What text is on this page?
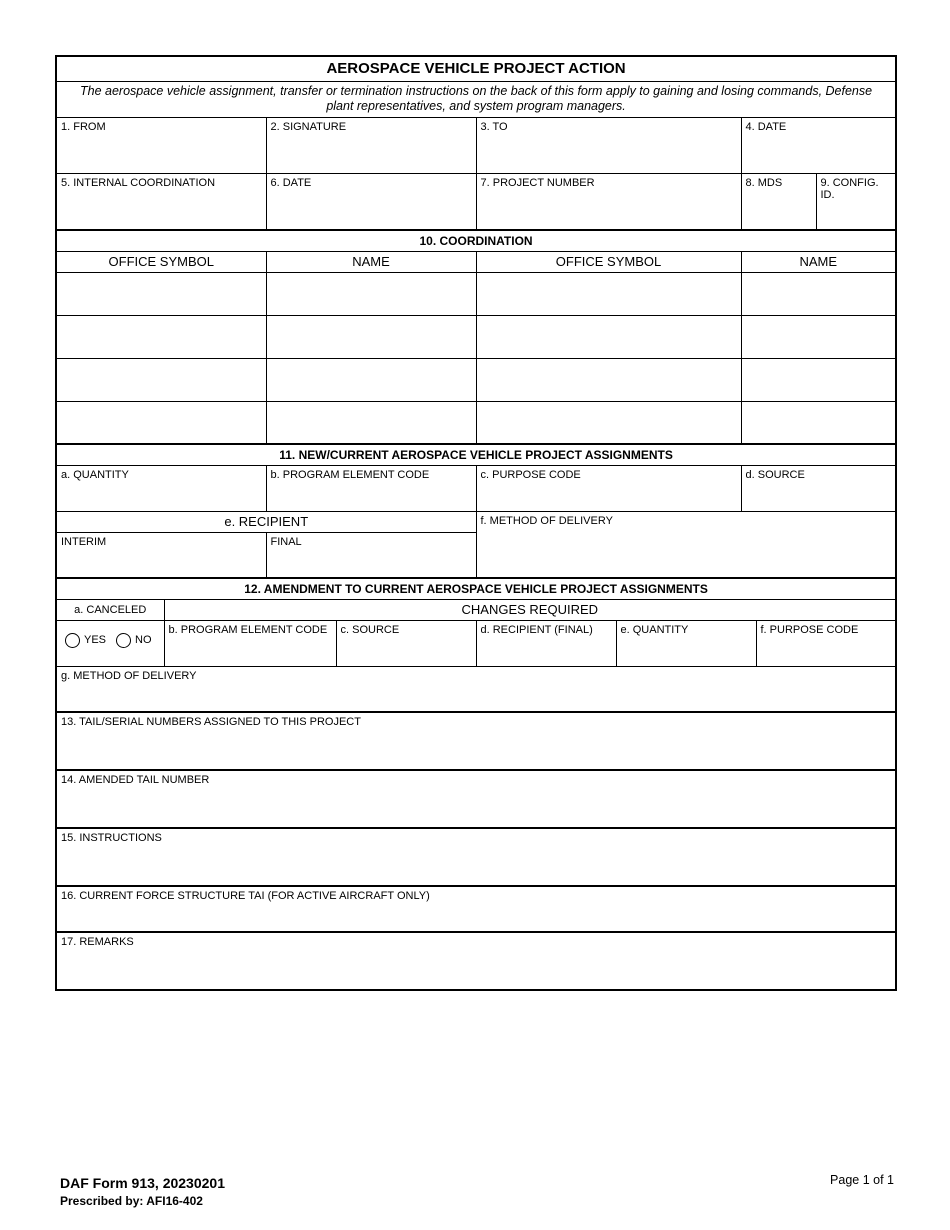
AEROSPACE VEHICLE PROJECT ACTION								
The aerospace vehicle assignment, transfer or termination instructions on the back of this form apply to gaining and losing commands, Defense plant representatives, and system program managers.								

1. FROM		2. SIGNATURE		3. TO		4. DATE		

5. INTERNAL COORDINATION		6. DATE		7. PROJECT NUMBER		8. MDS		9. CONFIG. ID.

10. COORDINATION								
OFFICE SYMBOL		NAME		OFFICE SYMBOL		NAME		

11. NEW/CURRENT AEROSPACE VEHICLE PROJECT ASSIGNMENTS								

a. QUANTITY		b. PROGRAM ELEMENT CODE		c. PURPOSE CODE		d. SOURCE		

e. RECIPIENT				f. METHOD OF DELIVERY				

INTERIM		FINAL						

12. AMENDMENT TO CURRENT AEROSPACE VEHICLE PROJECT ASSIGNMENTS								
a. CANCELED	CHANGES REQUIRED							

YES NO	b. PROGRAM ELEMENT CODE		c. SOURCE	d. RECIPIENT (FINAL)	e. QUANTITY		f. PURPOSE CODE	

g. METHOD OF DELIVERY								

13. TAIL/SERIAL NUMBERS ASSIGNED TO THIS PROJECT								

14. AMENDED TAIL NUMBER								

15. INSTRUCTIONS								

16. CURRENT FORCE STRUCTURE TAI (FOR ACTIVE AIRCRAFT ONLY)								

17. REMARKS								
DAF Form 913, 20230201
Prescribed by: AFI16-402
Page 1 of 1
